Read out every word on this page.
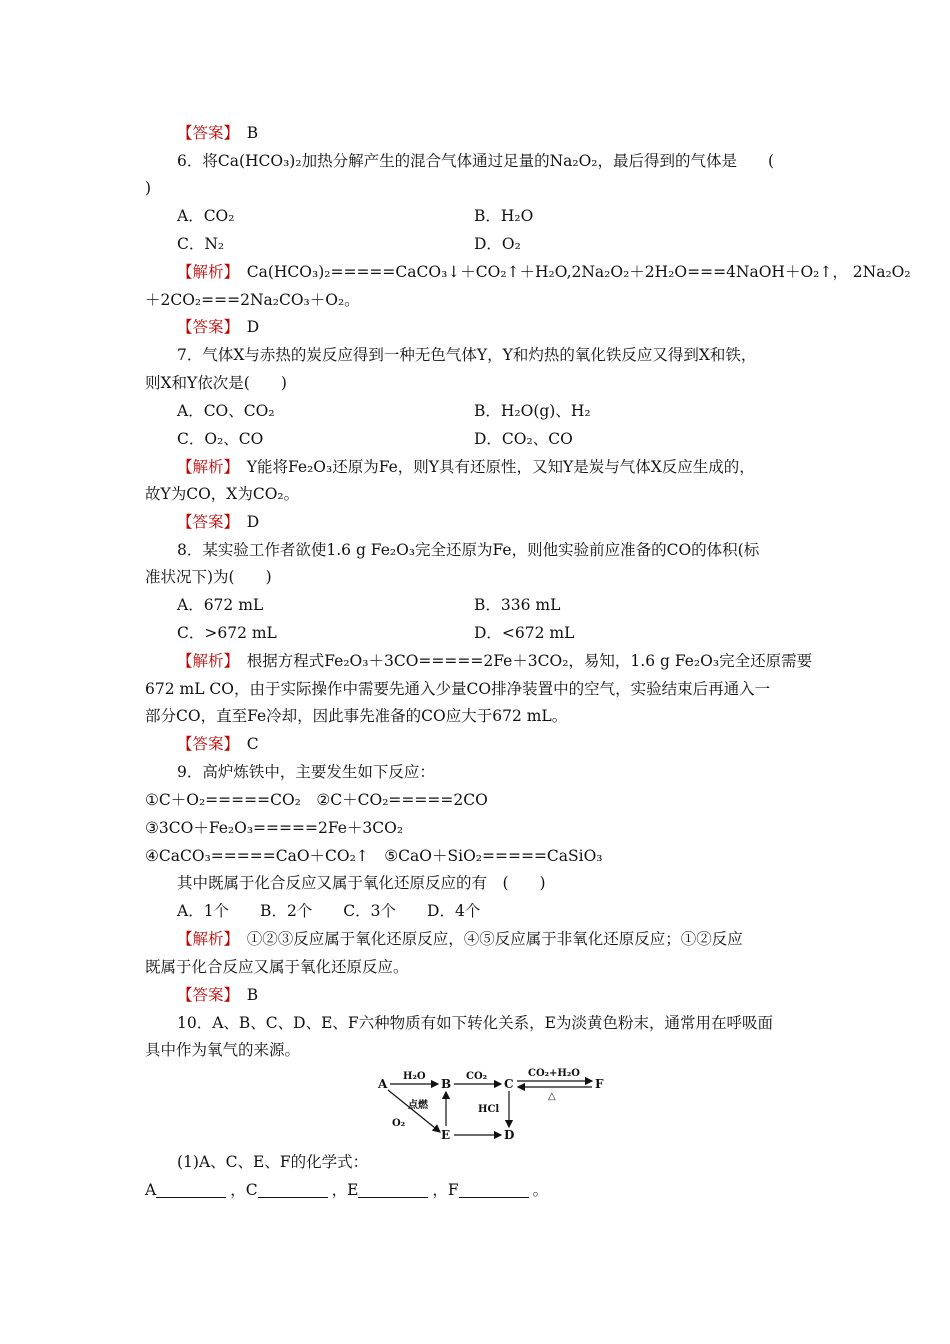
【答案】　 B
6．将Ca(HCO₃)₂加热分解产生的混合气体通过足量的Na₂O₂，最后得到的气体是　　(
)
A．CO₂	B．H₂O
C．N₂	D．O₂
【解析】　Ca(HCO₃)₂=====CaCO₃↓＋CO₂↑＋H₂O,2Na₂O₂＋2H₂O===4NaOH＋O₂↑， 2Na₂O₂
＋2CO₂===2Na₂CO₃＋O₂。
【答案】　 D
7．气体X与赤热的炭反应得到一种无色气体Y，Y和灼热的氧化铁反应又得到X和铁，
则X和Y依次是(　　)
A．CO、CO₂	B．H₂O(g)、H₂
C．O₂、CO	D．CO₂、CO
【解析】　Y能将Fe₂O₃还原为Fe，则Y具有还原性，又知Y是炭与气体X反应生成的，
故Y为CO，X为CO₂。
【答案】　 D
8．某实验工作者欲使1.6 g Fe₂O₃完全还原为Fe，则他实验前应准备的CO的体积(标
准状况下)为(　　)
A．672 mL	B．336 mL
C．>672 mL	D．<672 mL
【解析】　根据方程式Fe₂O₃＋3CO=====2Fe＋3CO₂，易知，1.6 g Fe₂O₃完全还原需要
672 mL CO，由于实际操作中需要先通入少量CO排净装置中的空气，实验结束后再通入一
部分CO，直至Fe冷却，因此事先准备的CO应大于672 mL。
【答案】　 C
9．高炉炼铁中，主要发生如下反应：
①C＋O₂=====CO₂　②C＋CO₂=====2CO
③3CO＋Fe₂O₃=====2Fe＋3CO₂
④CaCO₃=====CaO＋CO₂↑　⑤CaO＋SiO₂=====CaSiO₃
其中既属于化合反应又属于氧化还原反应的有　(　　)
A．1个　　B．2个　　C．3个　　D．4个
【解析】　①②③反应属于氧化还原反应，④⑤反应属于非氧化还原反应；①②反应
既属于化合反应又属于氧化还原反应。
【答案】　 B
10．A、B、C、D、E、F六种物质有如下转化关系，E为淡黄色粉末，通常用在呼吸面
具中作为氧气的来源。
A	B	C	F
E	D
H₂O	CO₂	CO₂+H₂O
△
点燃
O₂
HCl
(1)A、C、E、F的化学式：
A	，C	，E	，F	。
